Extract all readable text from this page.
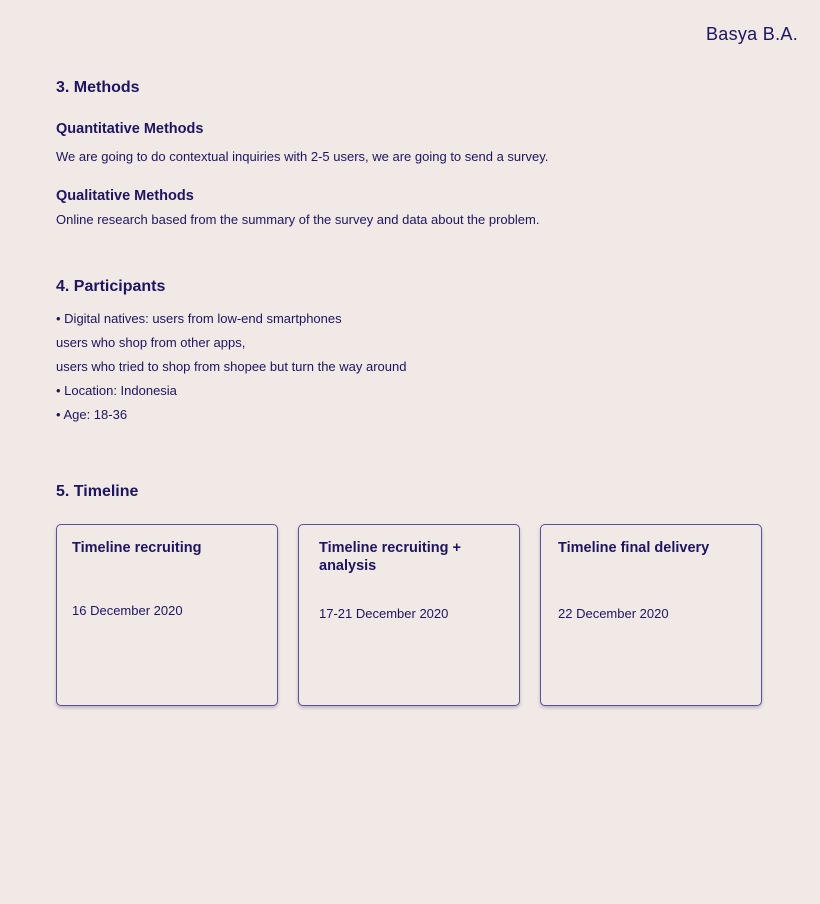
Basya B.A.
3. Methods
Quantitative Methods

We are going to do contextual inquiries with 2-5 users, we are going to send a survey.

Qualitative Methods

Online research based from the summary of the survey and data about the problem.

4. Participants

• Digital natives: users from low-end smartphones

users who shop from other apps,

users who tried to shop from shopee but turn the way around

• Location: Indonesia

• Age: 18-36

5. Timeline
Timeline recruiting
16 December 2020
Timeline recruiting + analysis
17-21 December 2020
Timeline final delivery
22 December 2020
